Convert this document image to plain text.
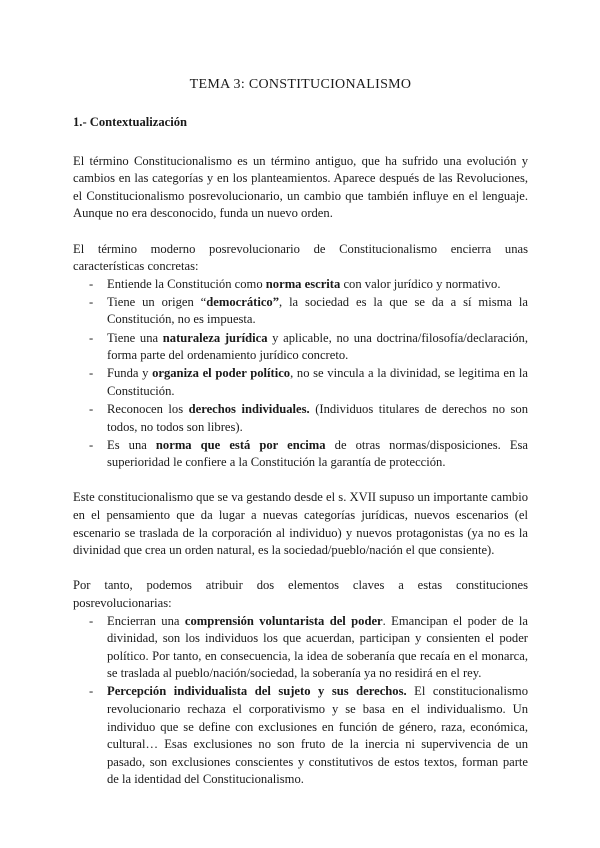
TEMA 3: CONSTITUCIONALISMO
1.- Contextualización

El término Constitucionalismo es un término antiguo, que ha sufrido una evolución y cambios en las categorías y en los planteamientos. Aparece después de las Revoluciones, el Constitucionalismo posrevolucionario, un cambio que también influye en el lenguaje. Aunque no era desconocido, funda un nuevo orden.

El término moderno posrevolucionario de Constitucionalismo encierra unas características concretas:

- Entiende la Constitución como norma escrita con valor jurídico y normativo.
- Tiene un origen “democrático”, la sociedad es la que se da a sí misma la Constitución, no es impuesta.
- Tiene una naturaleza jurídica y aplicable, no una doctrina/filosofía/declaración, forma parte del ordenamiento jurídico concreto.
- Funda y organiza el poder político, no se vincula a la divinidad, se legitima en la Constitución.
- Reconocen los derechos individuales. (Individuos titulares de derechos no son todos, no todos son libres).
- Es una norma que está por encima de otras normas/disposiciones. Esa superioridad le confiere a la Constitución la garantía de protección.

Este constitucionalismo que se va gestando desde el s. XVII supuso un importante cambio en el pensamiento que da lugar a nuevas categorías jurídicas, nuevos escenarios (el escenario se traslada de la corporación al individuo) y nuevos protagonistas (ya no es la divinidad que crea un orden natural, es la sociedad/pueblo/nación el que consiente).

Por tanto, podemos atribuir dos elementos claves a estas constituciones posrevolucionarias:

- Encierran una comprensión voluntarista del poder. Emancipan el poder de la divinidad, son los individuos los que acuerdan, participan y consienten el poder político. Por tanto, en consecuencia, la idea de soberanía que recaía en el monarca, se traslada al pueblo/nación/sociedad, la soberanía ya no residirá en el rey.
- Percepción individualista del sujeto y sus derechos. El constitucionalismo revolucionario rechaza el corporativismo y se basa en el individualismo. Un individuo que se define con exclusiones en función de género, raza, económica, cultural… Esas exclusiones no son fruto de la inercia ni supervivencia de un pasado, son exclusiones conscientes y constitutivos de estos textos, forman parte de la identidad del Constitucionalismo.
